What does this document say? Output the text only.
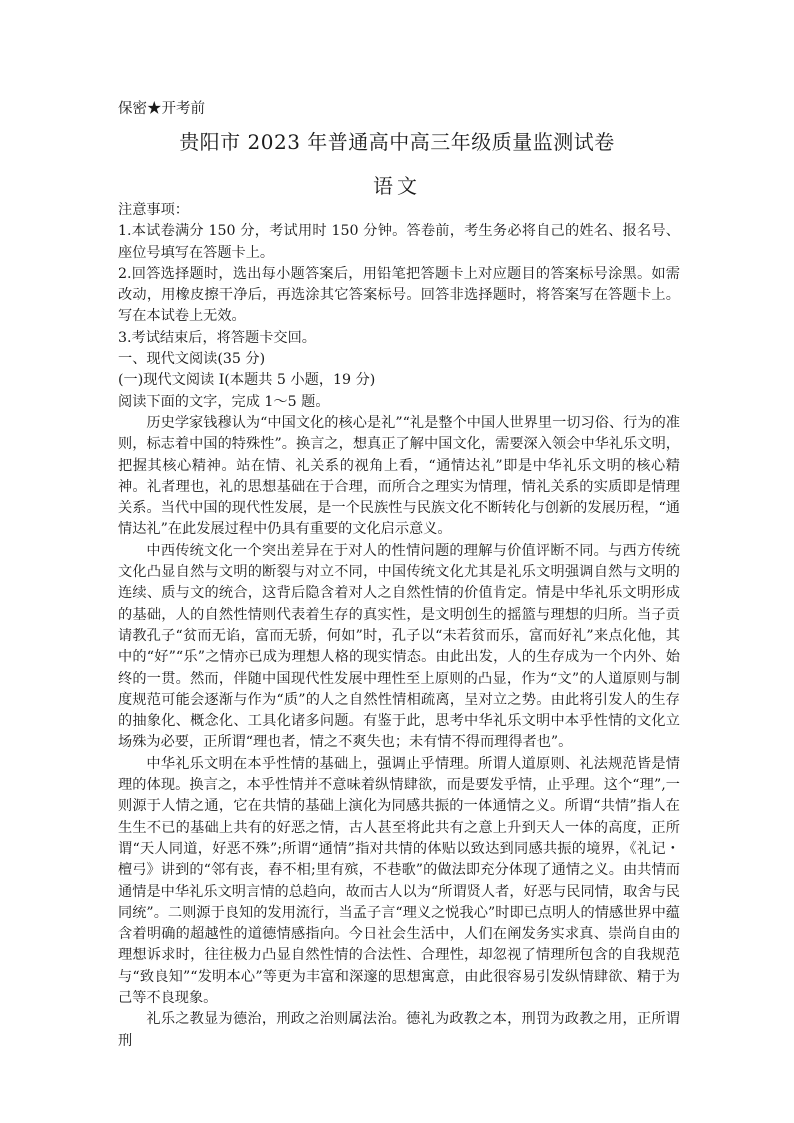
保密★开考前
贵阳市 2023 年普通高中高三年级质量监测试卷
语文

注意事项：

1.本试卷满分 150 分，考试用时 150 分钟。答卷前，考生务必将自己的姓名、报名号、座位号填写在答题卡上。

2.回答选择题时，选出每小题答案后，用铅笔把答题卡上对应题目的答案标号涂黑。如需改动，用橡皮擦干净后，再选涂其它答案标号。回答非选择题时，将答案写在答题卡上。写在本试卷上无效。

3.考试结束后，将答题卡交回。

一、现代文阅读(35 分)

(一)现代文阅读 I(本题共 5 小题，19 分)

阅读下面的文字，完成 1～5 题。

历史学家钱穆认为“中国文化的核心是礼”“礼是整个中国人世界里一切习俗、行为的准则，标志着中国的特殊性”。换言之，想真正了解中国文化，需要深入领会中华礼乐文明，把握其核心精神。站在情、礼关系的视角上看，“通情达礼”即是中华礼乐文明的核心精神。礼者理也，礼的思想基础在于合理，而所合之理实为情理，情礼关系的实质即是情理关系。当代中国的现代性发展，是一个民族性与民族文化不断转化与创新的发展历程，“通情达礼”在此发展过程中仍具有重要的文化启示意义。

中西传统文化一个突出差异在于对人的性情问题的理解与价值评断不同。与西方传统文化凸显自然与文明的断裂与对立不同，中国传统文化尤其是礼乐文明强调自然与文明的连续、质与文的统合，这背后隐含着对人之自然性情的价值肯定。情是中华礼乐文明形成的基础，人的自然性情则代表着生存的真实性，是文明创生的摇篮与理想的归所。当子贡请教孔子“贫而无谄，富而无骄，何如”时，孔子以“未若贫而乐，富而好礼”来点化他，其中的“好”“乐”之情亦已成为理想人格的现实情态。由此出发，人的生存成为一个内外、始终的一贯。然而，伴随中国现代性发展中理性至上原则的凸显，作为“文”的人道原则与制度规范可能会逐渐与作为“质”的人之自然性情相疏离，呈对立之势。由此将引发人的生存的抽象化、概念化、工具化诸多问题。有鉴于此，思考中华礼乐文明中本乎性情的文化立场殊为必要，正所谓“理也者，情之不爽失也；未有情不得而理得者也”。

中华礼乐文明在本乎性情的基础上，强调止乎情理。所谓人道原则、礼法规范皆是情理的体现。换言之，本乎性情并不意味着纵情肆欲，而是要发乎情，止乎理。这个“理”,一则源于人情之通，它在共情的基础上演化为同感共振的一体通情之义。所谓“共情”指人在生生不已的基础上共有的好恶之情，古人甚至将此共有之意上升到天人一体的高度，正所谓“天人同道，好恶不殊”;所谓“通情”指对共情的体贴以致达到同感共振的境界，《礼记・檀弓》讲到的“邻有丧，舂不相;里有殡，不巷歌”的做法即充分体现了通情之义。由共情而通情是中华礼乐文明言情的总趋向，故而古人以为“所谓贤人者，好恶与民同情，取舍与民同统”。二则源于良知的发用流行，当孟子言“理义之悦我心”时即已点明人的情感世界中蕴含着明确的超越性的道德情感指向。今日社会生活中，人们在阐发务实求真、崇尚自由的理想诉求时，往往极力凸显自然性情的合法性、合理性，却忽视了情理所包含的自我规范与“致良知”“发明本心”等更为丰富和深邃的思想寓意，由此很容易引发纵情肆欲、精于为己等不良现象。

礼乐之教显为德治，刑政之治则属法治。德礼为政教之本，刑罚为政教之用，正所谓刑
